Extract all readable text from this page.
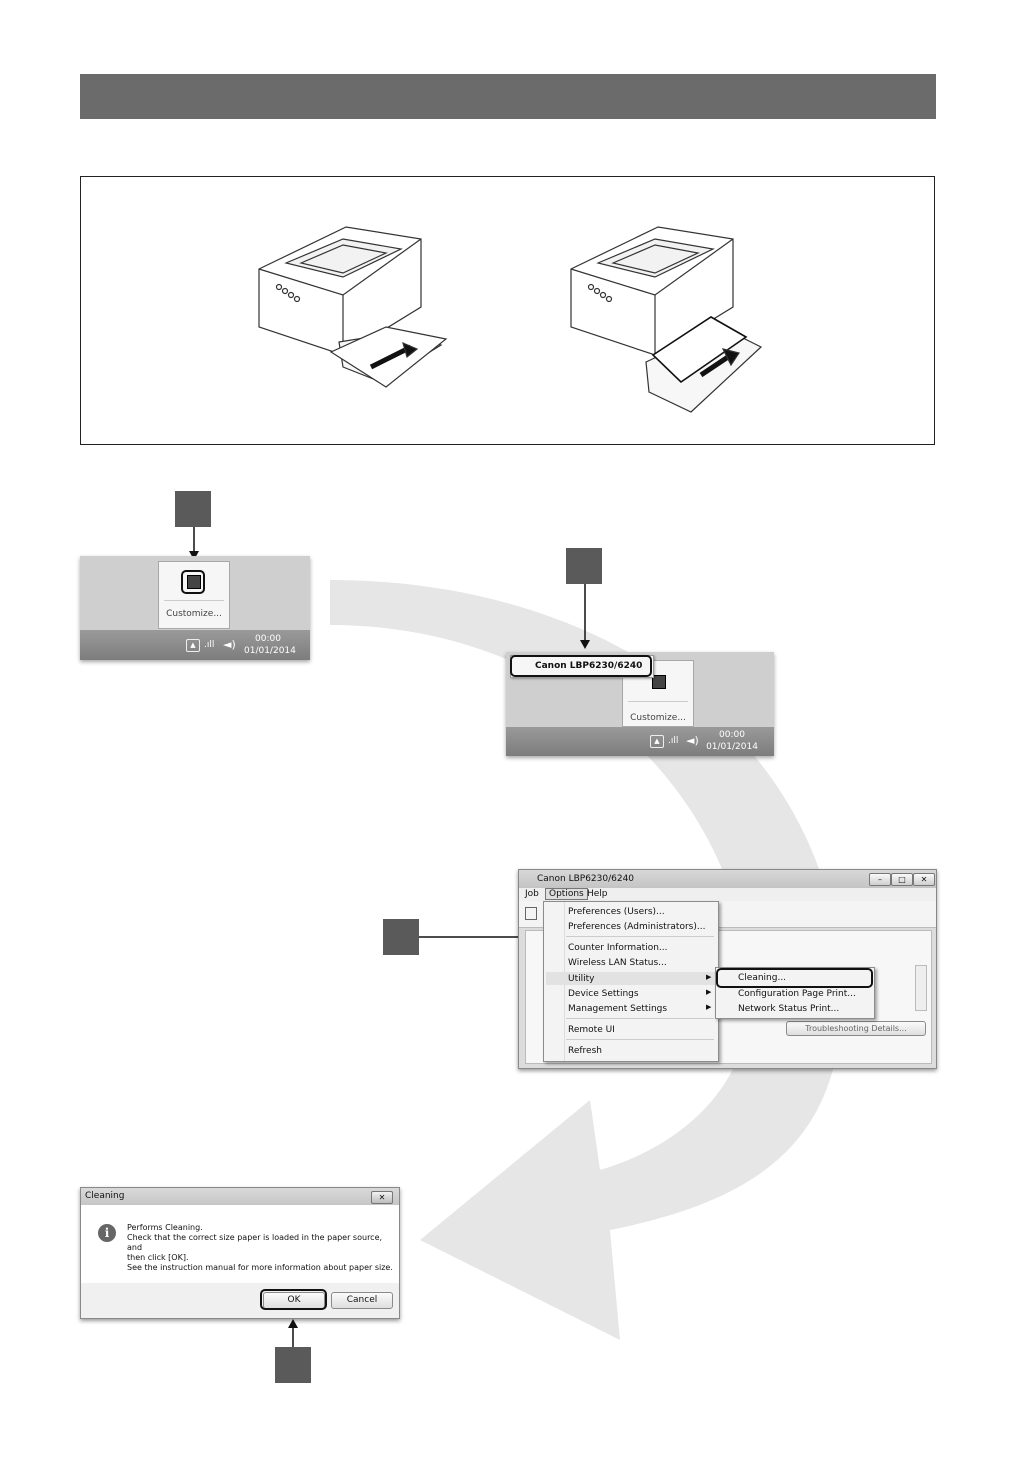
Customize...
▲ .ıll ◄)	00:00
01/01/2014
Customize...
Canon LBP6230/6240
▲ .ıll ◄)	00:00
01/01/2014
Canon LBP6230/6240	–	□	✕
Job	Options Help
Troubleshooting Details...
Preferences (Users)...
Preferences (Administrators)...
Counter Information...
Wireless LAN Status...
Utility	▶
Device Settings	▶
Management Settings	▶
Remote UI
Refresh
Cleaning...
Configuration Page Print...
Network Status Print...
Cleaning	✕
i	Performs Cleaning.
Check that the correct size paper is loaded in the paper source, and
then click [OK].
See the instruction manual for more information about paper size.
OK	Cancel
